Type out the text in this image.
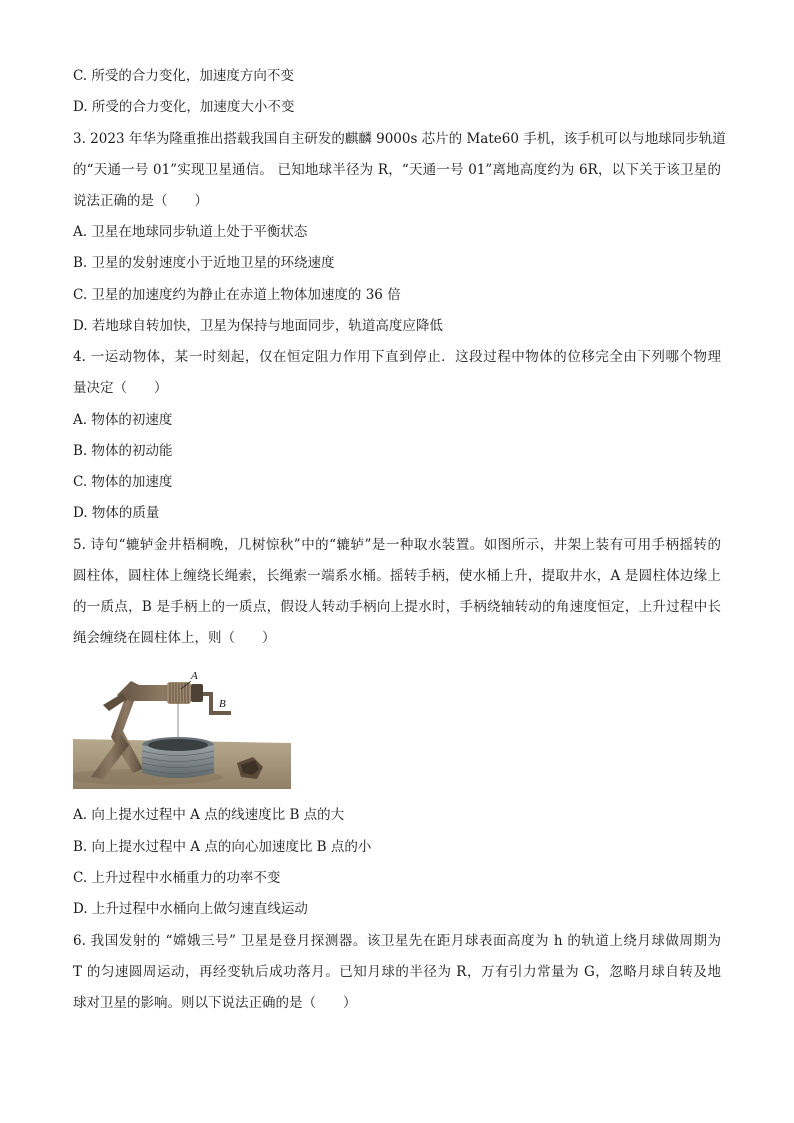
C. 所受的合力变化，加速度方向不变
D. 所受的合力变化，加速度大小不变
3. 2023 年华为隆重推出搭载我国自主研发的麒麟 9000s 芯片的 Mate60 手机，该手机可以与地球同步轨道
的“天通一号 01”实现卫星通信。 已知地球半径为 R，“天通一号 01”离地高度约为 6R，以下关于该卫星的
说法正确的是（　　）
A. 卫星在地球同步轨道上处于平衡状态
B. 卫星的发射速度小于近地卫星的环绕速度
C. 卫星的加速度约为静止在赤道上物体加速度的 36 倍
D. 若地球自转加快，卫星为保持与地面同步，轨道高度应降低
4. 一运动物体，某一时刻起，仅在恒定阻力作用下直到停止．这段过程中物体的位移完全由下列哪个物理
量决定（　　）
A. 物体的初速度
B. 物体的初动能
C. 物体的加速度
D. 物体的质量
5. 诗句“辘轳金井梧桐晚，几树惊秋”中的“辘轳”是一种取水装置。如图所示，井架上装有可用手柄摇转的
圆柱体，圆柱体上缠绕长绳索，长绳索一端系水桶。摇转手柄，使水桶上升，提取井水，A 是圆柱体边缘上
的一质点，B 是手柄上的一质点，假设人转动手柄向上提水时，手柄绕轴转动的角速度恒定，上升过程中长
绳会缠绕在圆柱体上，则（　　）
A
B
A. 向上提水过程中 A 点的线速度比 B 点的大
B. 向上提水过程中 A 点的向心加速度比 B 点的小
C. 上升过程中水桶重力的功率不变
D. 上升过程中水桶向上做匀速直线运动
6. 我国发射的 “嫦娥三号” 卫星是登月探测器。该卫星先在距月球表面高度为 h 的轨道上绕月球做周期为
T 的匀速圆周运动，再经变轨后成功落月。已知月球的半径为 R，万有引力常量为 G，忽略月球自转及地
球对卫星的影响。则以下说法正确的是（　　）
